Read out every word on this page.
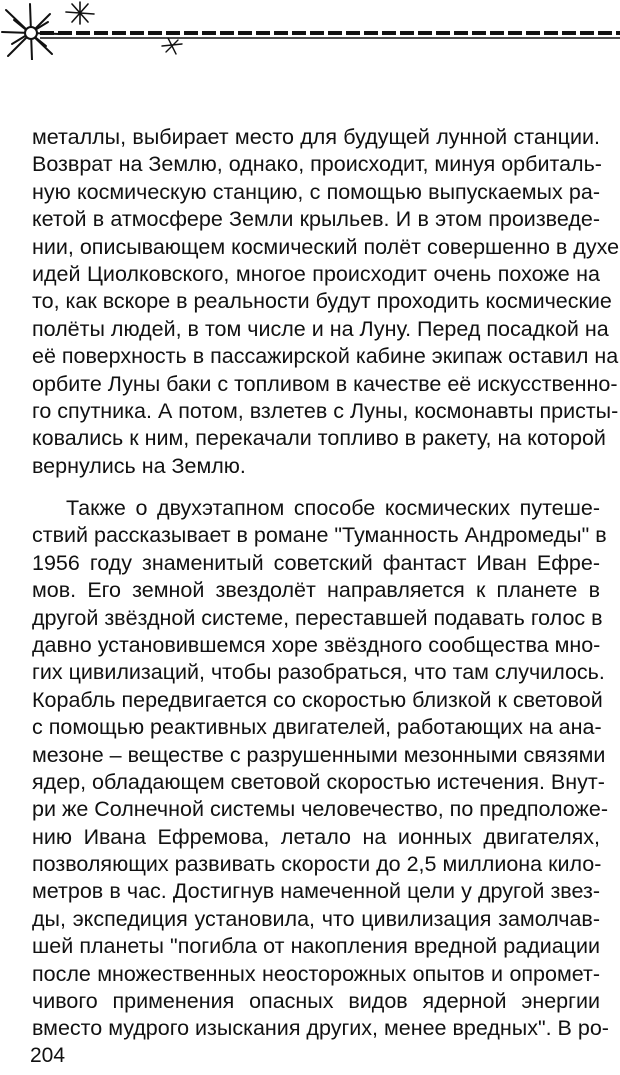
металлы, выбирает место для будущей лунной станции.
Возврат на Землю, однако, происходит, минуя орбиталь-
ную космическую станцию, с помощью выпускаемых ра-
кетой в атмосфере Земли крыльев. И в этом произведе-
нии, описывающем космический полёт совершенно в духе
идей Циолковского, многое происходит очень похоже на
то, как вскоре в реальности будут проходить космические
полёты людей, в том числе и на Луну. Перед посадкой на
её поверхность в пассажирской кабине экипаж оставил на
орбите Луны баки с топливом в качестве её искусственно-
го спутника. А потом, взлетев с Луны, космонавты присты-
ковались к ним, перекачали топливо в ракету, на которой
вернулись на Землю.
Также о двухэтапном способе космических путеше-
ствий рассказывает в романе "Туманность Андромеды" в
1956 году знаменитый советский фантаст Иван Ефре-
мов. Его земной звездолёт направляется к планете в
другой звёздной системе, переставшей подавать голос в
давно установившемся хоре звёздного сообщества мно-
гих цивилизаций, чтобы разобраться, что там случилось.
Корабль передвигается со скоростью близкой к световой
с помощью реактивных двигателей, работающих на ана-
мезоне – веществе с разрушенными мезонными связями
ядер, обладающем световой скоростью истечения. Внут-
ри же Солнечной системы человечество, по предположе-
нию Ивана Ефремова, летало на ионных двигателях,
позволяющих развивать скорости до 2,5 миллиона кило-
метров в час. Достигнув намеченной цели у другой звез-
ды, экспедиция установила, что цивилизация замолчав-
шей планеты "погибла от накопления вредной радиации
после множественных неосторожных опытов и опромет-
чивого применения опасных видов ядерной энергии
вместо мудрого изыскания других, менее вредных". В ро-
204
